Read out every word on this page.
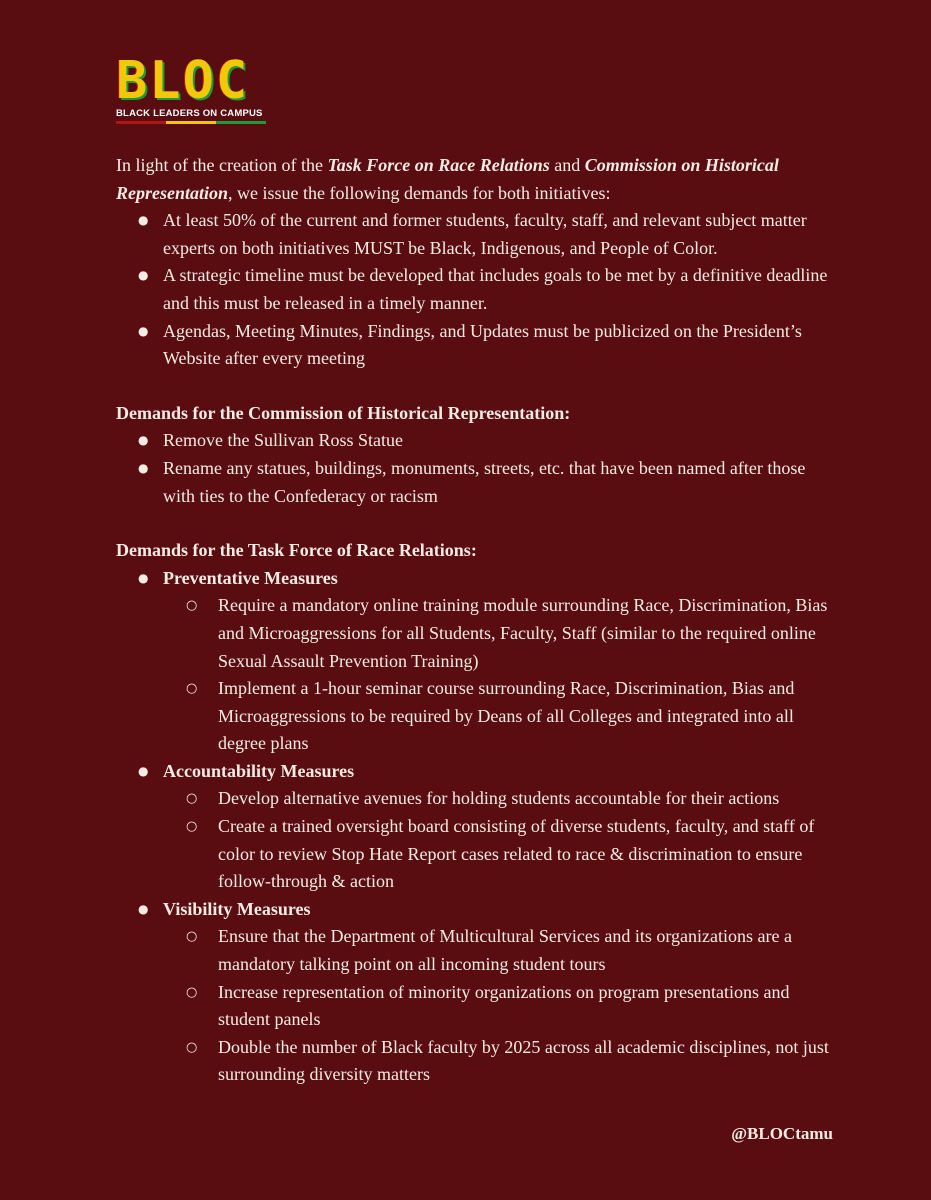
BLOC
BLACK LEADERS ON CAMPUS

In light of the creation of the Task Force on Race Relations and Commission on Historical Representation, we issue the following demands for both initiatives:

● At least 50% of the current and former students, faculty, staff, and relevant subject matter experts on both initiatives MUST be Black, Indigenous, and People of Color.
● A strategic timeline must be developed that includes goals to be met by a definitive deadline and this must be released in a timely manner.
● Agendas, Meeting Minutes, Findings, and Updates must be publicized on the President’s Website after every meeting

Demands for the Commission of Historical Representation:

● Remove the Sullivan Ross Statue
● Rename any statues, buildings, monuments, streets, etc. that have been named after those with ties to the Confederacy or racism

Demands for the Task Force of Race Relations:

● Preventative Measures
○ Require a mandatory online training module surrounding Race, Discrimination, Bias and Microaggressions for all Students, Faculty, Staff (similar to the required online Sexual Assault Prevention Training)
○ Implement a 1-hour seminar course surrounding Race, Discrimination, Bias and Microaggressions to be required by Deans of all Colleges and integrated into all degree plans
● Accountability Measures
○ Develop alternative avenues for holding students accountable for their actions
○ Create a trained oversight board consisting of diverse students, faculty, and staff of color to review Stop Hate Report cases related to race & discrimination to ensure follow-through & action
● Visibility Measures
○ Ensure that the Department of Multicultural Services and its organizations are a mandatory talking point on all incoming student tours
○ Increase representation of minority organizations on program presentations and student panels
○ Double the number of Black faculty by 2025 across all academic disciplines, not just surrounding diversity matters
@BLOCtamu
